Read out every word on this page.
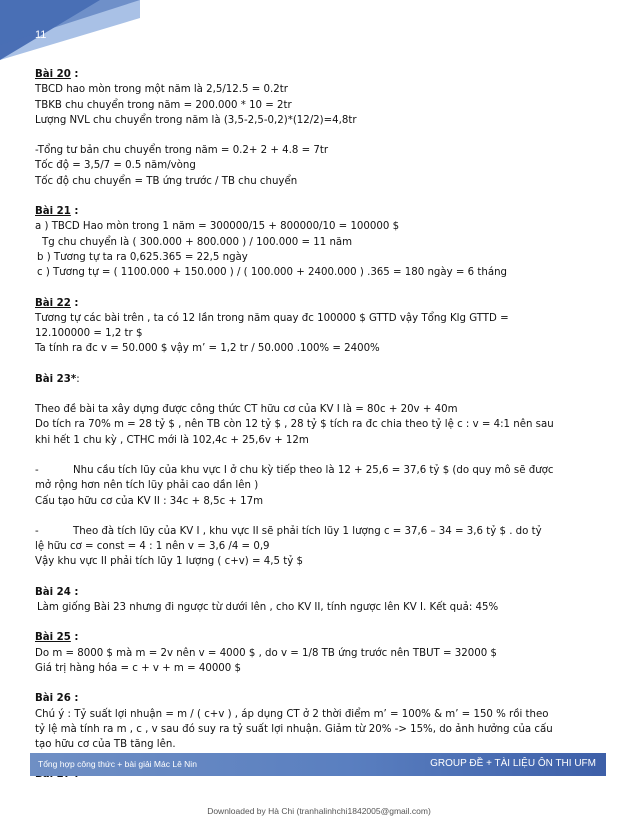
11
Bài 20 :
TBCD hao mòn trong một năm là 2,5/12.5 = 0.2tr
TBKB chu chuyển trong năm = 200.000 * 10 = 2tr
Lượng NVL chu chuyển trong năm là (3,5-2,5-0,2)*(12/2)=4,8tr
-Tổng tư bản chu chuyển trong năm = 0.2+ 2 + 4.8 = 7tr
Tốc độ = 3,5/7 = 0.5 năm/vòng
Tốc độ chu chuyển = TB ứng trước / TB chu chuyển
Bài 21 :
a ) TBCD Hao mòn trong 1 năm = 300000/15 + 800000/10 = 100000 $
Tg chu chuyển là ( 300.000 + 800.000 ) / 100.000 = 11 năm
b ) Tương tự ta ra 0,625.365 = 22,5 ngày
c ) Tương tự = ( 1100.000 + 150.000 ) / ( 100.000 + 2400.000 ) .365 = 180 ngày = 6 tháng
Bài 22 :
Tương tự các bài trên , ta có 12 lần trong năm quay đc 100000 $ GTTD vậy Tổng Klg GTTD =
12.100000 = 1,2 tr $
Ta tính ra đc v = 50.000 $ vậy m’ = 1,2 tr / 50.000 .100% = 2400%
Bài 23*:
Theo đề bài ta xây dựng được công thức CT hữu cơ của KV I là = 80c + 20v + 40m
Do tích ra 70% m = 28 tỷ $ , nên TB còn 12 tỷ $ , 28 tỷ $ tích ra đc chia theo tỷ lệ c : v = 4:1 nên sau
khi hết 1 chu kỳ , CTHC mới là 102,4c + 25,6v + 12m
-	Nhu cầu tích lũy của khu vực I ở chu kỳ tiếp theo là 12 + 25,6 = 37,6 tỷ $ (do quy mô sẽ được
mở rộng hơn nên tích lũy phải cao dần lên )
Cấu tạo hữu cơ của KV II : 34c + 8,5c + 17m
-	Theo đà tích lũy của KV I , khu vực II sẽ phải tích lũy 1 lượng c = 37,6 – 34 = 3,6 tỷ $ . do tỷ
lệ hữu cơ = const = 4 : 1 nên v = 3,6 /4 = 0,9
Vậy khu vực II phải tích lũy 1 lượng ( c+v) = 4,5 tỷ $
Bài 24 :
Làm giống Bài 23 nhưng đi ngược từ dưới lên , cho KV II, tính ngược lên KV I. Kết quả: 45%
Bài 25 :
Do m = 8000 $ mà m = 2v nên v = 4000 $ , do v = 1/8 TB ứng trước nên TBUT = 32000 $
Giá trị hàng hóa = c + v + m = 40000 $
Bài 26 :
Chú ý : Tỷ suất lợi nhuận = m / ( c+v ) , áp dụng CT ở 2 thời điểm m’ = 100% & m’ = 150 % rồi theo
tỷ lệ mà tính ra m , c , v sau đó suy ra tỷ suất lợi nhuận. Giảm từ 20% -> 15%, do ảnh hưởng của cấu
tạo hữu cơ của TB tăng lên.
Tổng hợp công thức + bài giải Mác Lê Nin	GROUP ĐỀ + TÀI LIỆU ÔN THI UFM
Downloaded by Hà Chi (tranhalinhchi1842005@gmail.com)
